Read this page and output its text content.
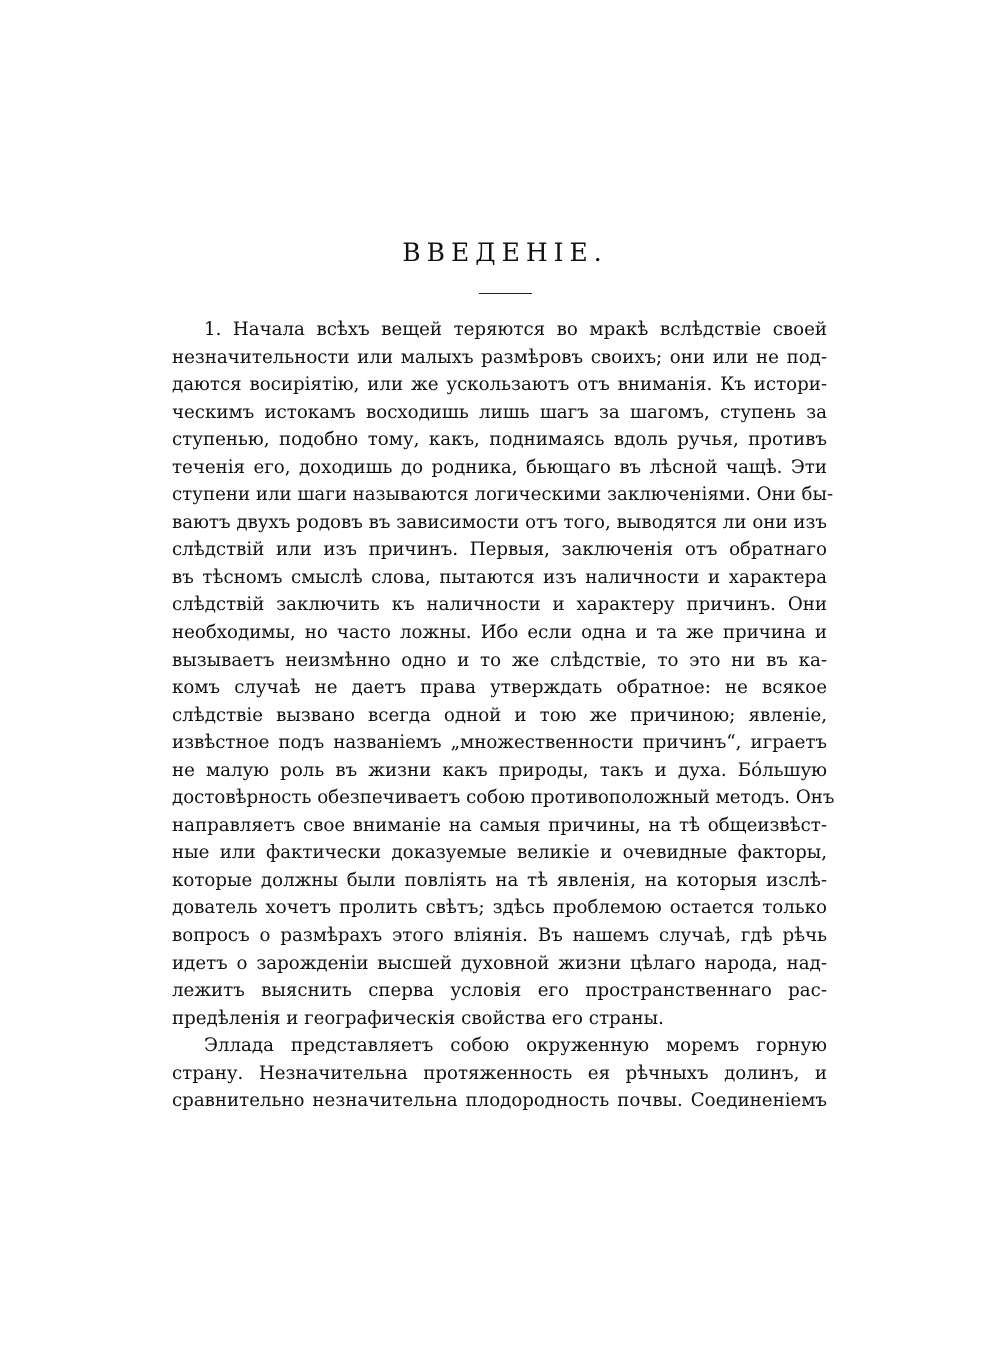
ВВЕДЕНІЕ.
1. Начала всѣхъ вещей теряются во мракѣ вслѣдствіе своей
незначительности или малыхъ размѣровъ своихъ; они или не под-
даются восиріятію, или же ускользаютъ отъ вниманія. Къ истори-
ческимъ истокамъ восходишь лишь шагъ за шагомъ, ступень за
ступенью, подобно тому, какъ, поднимаясь вдоль ручья, противъ
теченія его, доходишь до родника, бьющаго въ лѣсной чащѣ. Эти
ступени или шаги называются логическими заключеніями. Они бы-
ваютъ двухъ родовъ въ зависимости отъ того, выводятся ли они изъ
слѣдствій или изъ причинъ. Первыя, заключенія отъ обратнаго
въ тѣсномъ смыслѣ слова, пытаются изъ наличности и характера
слѣдствій заключить къ наличности и характеру причинъ. Они
необходимы, но часто ложны. Ибо если одна и та же причина и
вызываетъ неизмѣнно одно и то же слѣдствіе, то это ни въ ка-
комъ случаѣ не даетъ права утверждать обратное: не всякое
слѣдствіе вызвано всегда одной и тою же причиною; явленіе,
извѣстное подъ названіемъ „множественности причинъ“, играетъ
не малую роль въ жизни какъ природы, такъ и духа. Бóльшую
достовѣрность обезпечиваетъ собою противоположный методъ. Онъ
направляетъ свое вниманіе на самыя причины, на тѣ общеизвѣст-
ные или фактически доказуемые великіе и очевидные факторы,
которые должны были повліять на тѣ явленія, на которыя изслѣ-
дователь хочетъ пролить свѣтъ; здѣсь проблемою остается только
вопросъ о размѣрахъ этого вліянія. Въ нашемъ случаѣ, гдѣ рѣчь
идетъ о зарожденіи высшей духовной жизни цѣлаго народа, над-
лежитъ выяснить сперва условія его пространственнаго рас-
предѣленія и географическія свойства его страны.
Эллада представляетъ собою окруженную моремъ горную
страну. Незначительна протяженность ея рѣчныхъ долинъ, и
сравнительно незначительна плодородность почвы. Соединеніемъ
